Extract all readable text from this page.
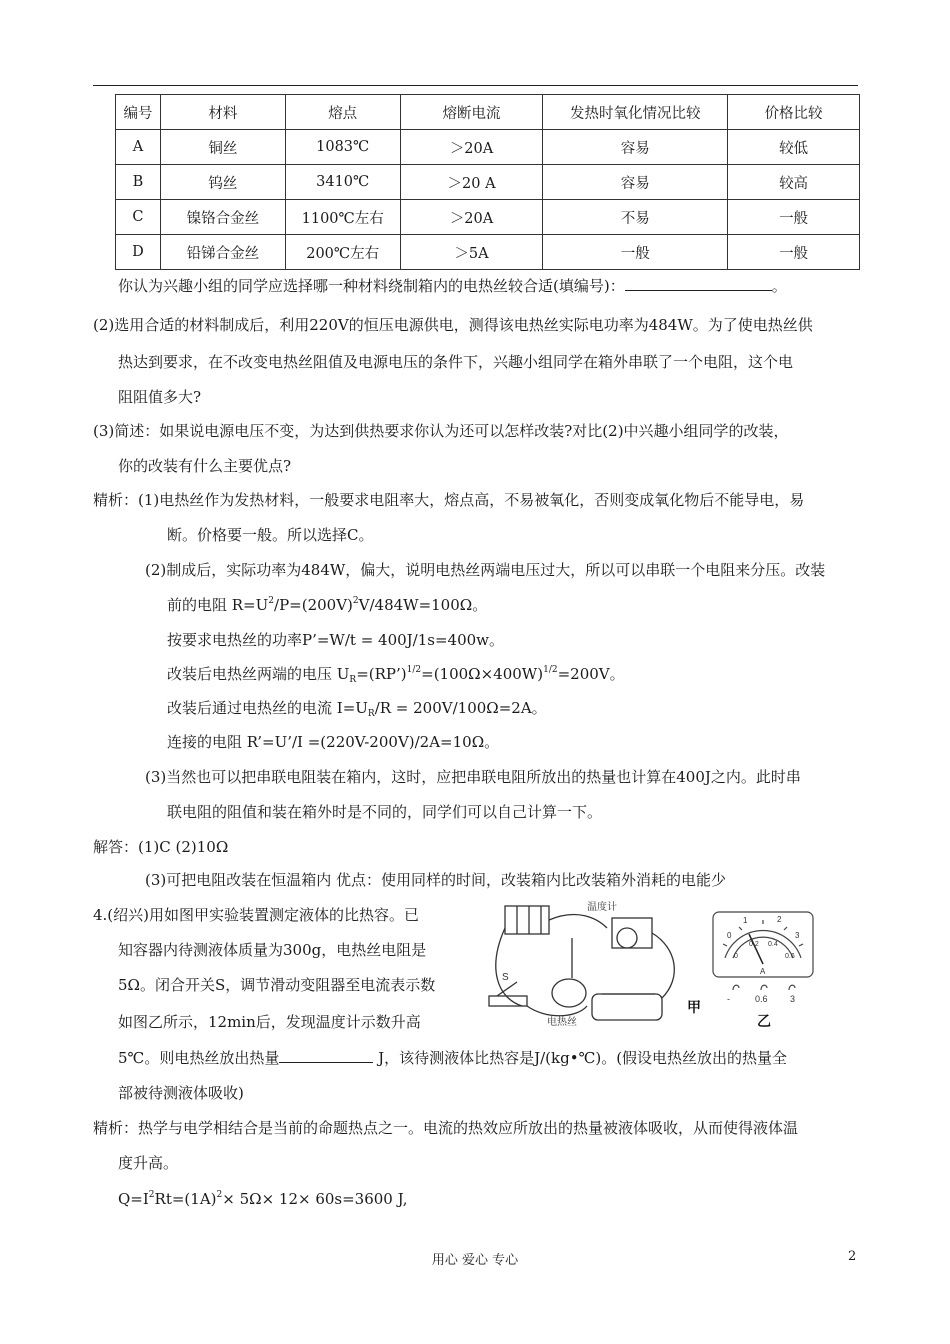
编号	材料	熔点	熔断电流	发热时氧化情况比较	价格比较
A	铜丝	1083℃	＞20A	容易	较低
B	钨丝	3410℃	＞20 A	容易	较高
C	镍铬合金丝	1100℃左右	＞20A	不易	一般
D	铅锑合金丝	200℃左右	＞5A	一般	一般
你认为兴趣小组的同学应选择哪一种材料绕制箱内的电热丝较合适(填编号)：	。
(2)选用合适的材料制成后，利用220V的恒压电源供电，测得该电热丝实际电功率为484W。为了使电热丝供
热达到要求，在不改变电热丝阻值及电源电压的条件下，兴趣小组同学在箱外串联了一个电阻，这个电
阻阻值多大?
(3)简述：如果说电源电压不变，为达到供热要求你认为还可以怎样改装?对比(2)中兴趣小组同学的改装，
你的改装有什么主要优点?
精析：(1)电热丝作为发热材料，一般要求电阻率大，熔点高，不易被氧化，否则变成氧化物后不能导电，易
断。价格要一般。所以选择C。
(2)制成后，实际功率为484W，偏大，说明电热丝两端电压过大，所以可以串联一个电阻来分压。改装
前的电阻 $R=U^2/P=(200V)^2V/484W=100\Omega$。
按要求电热丝的功率P’=W/t = 400J/1s=400w。
改装后电热丝两端的电压 $U_R=(RP’)^{1/2}=(100\Omega\times 400W)^{1/2}=200V$。
改装后通过电热丝的电流 $I=U_R/R = 200V/100\Omega=2A$。
连接的电阻 R’=U’/I =(220V-200V)/2A=10Ω。
(3)当然也可以把串联电阻装在箱内，这时，应把串联电阻所放出的热量也计算在400J之内。此时串
联电阻的阻值和装在箱外时是不同的，同学们可以自己计算一下。
解答：(1)C (2)10Ω
(3)可把电阻改装在恒温箱内 优点：使用同样的时间，改装箱内比改装箱外消耗的电能少
4.(绍兴)用如图甲实验装置测定液体的比热容。已
知容器内待测液体质量为300g，电热丝电阻是
5Ω。闭合开关S，调节滑动变阻器至电流表示数
如图乙所示，12min后，发现温度计示数升高
5℃。则电热丝放出热量	J，该待测液体比热容是J/(kg•℃)。(假设电热丝放出的热量全
部被待测液体吸收)
温度计
电热丝
S
甲
0
1	2
3
0
0.2 0.4
0.6
A
-	0.6 3
乙
精析：热学与电学相结合是当前的命题热点之一。电流的热效应所放出的热量被液体吸收，从而使得液体温
度升高。
$Q=I^2Rt=(1A)^2\times 5\Omega\times 12\times 60s=3600$ J,
用心 爱心 专心	2
